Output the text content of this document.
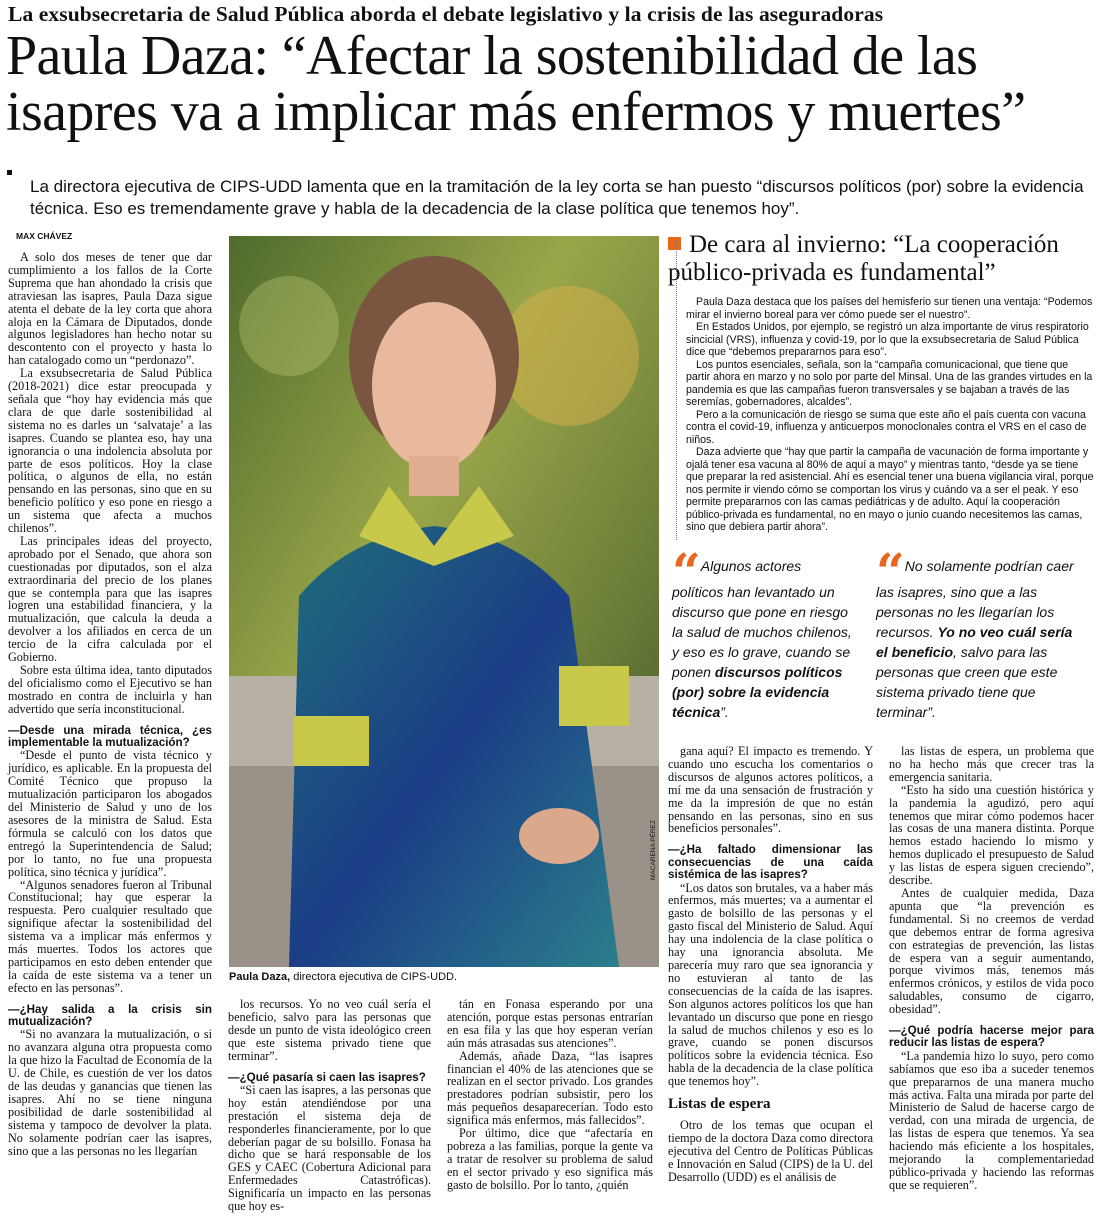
La exsubsecretaria de Salud Pública aborda el debate legislativo y la crisis de las aseguradoras
Paula Daza: “Afectar la sostenibilidad de las isapres va a implicar más enfermos y muertes”
La directora ejecutiva de CIPS-UDD lamenta que en la tramitación de la ley corta se han puesto “discursos políticos (por) sobre la evidencia técnica. Eso es tremendamente grave y habla de la decadencia de la clase política que tenemos hoy”.
MAX CHÁVEZ

A solo dos meses de tener que dar cumplimiento a los fallos de la Corte Suprema que han ahondado la crisis que atraviesan las isapres, Paula Daza sigue atenta el debate de la ley corta que ahora aloja en la Cámara de Diputados, donde algunos legisladores han hecho notar su descontento con el proyecto y hasta lo han catalogado como un “perdonazo”.

La exsubsecretaria de Salud Pública (2018-2021) dice estar preocupada y señala que “hoy hay evidencia más que clara de que darle sostenibilidad al sistema no es darles un ‘salvataje’ a las isapres. Cuando se plantea eso, hay una ignorancia o una indolencia absoluta por parte de esos políticos. Hoy la clase política, o algunos de ella, no están pensando en las personas, sino que en su beneficio político y eso pone en riesgo a un sistema que afecta a muchos chilenos”.

Las principales ideas del proyecto, aprobado por el Senado, que ahora son cuestionadas por diputados, son el alza extraordinaria del precio de los planes que se contempla para que las isapres logren una estabilidad financiera, y la mutualización, que calcula la deuda a devolver a los afiliados en cerca de un tercio de la cifra calculada por el Gobierno.

Sobre esta última idea, tanto diputados del oficialismo como el Ejecutivo se han mostrado en contra de incluirla y han advertido que sería inconstitucional.

—Desde una mirada técnica, ¿es implementable la mutualización?

“Desde el punto de vista técnico y jurídico, es aplicable. En la propuesta del Comité Técnico que propuso la mutualización participaron los abogados del Ministerio de Salud y uno de los asesores de la ministra de Salud. Esta fórmula se calculó con los datos que entregó la Superintendencia de Salud; por lo tanto, no fue una propuesta política, sino técnica y jurídica”.

“Algunos senadores fueron al Tribunal Constitucional; hay que esperar la respuesta. Pero cualquier resultado que signifique afectar la sostenibilidad del sistema va a implicar más enfermos y más muertes. Todos los actores que participamos en esto deben entender que la caída de este sistema va a tener un efecto en las personas”.

—¿Hay salida a la crisis sin mutualización?

“Si no avanzara la mutualización, o si no avanzara alguna otra propuesta como la que hizo la Facultad de Economía de la U. de Chile, es cuestión de ver los datos de las deudas y ganancias que tienen las isapres. Ahí no se tiene ninguna posibilidad de darle sostenibilidad al sistema y tampoco de devolver la plata. No solamente podrían caer las isapres, sino que a las personas no les llegarían

los recursos. Yo no veo cuál sería el beneficio, salvo para las personas que desde un punto de vista ideológico creen que este sistema privado tiene que terminar”.

—¿Qué pasaría si caen las isapres?

“Si caen las isapres, a las personas que hoy están atendiéndose por una prestación el sistema deja de responderles financieramente, por lo que deberían pagar de su bolsillo. Fonasa ha dicho que se hará responsable de los GES y CAEC (Cobertura Adicional para Enfermedades Catastróficas). Significaría un impacto en las personas que hoy es-

tán en Fonasa esperando por una atención, porque estas personas entrarían en esa fila y las que hoy esperan verían aún más atrasadas sus atenciones”.

Además, añade Daza, “las isapres financian el 40% de las atenciones que se realizan en el sector privado. Los grandes prestadores podrían subsistir, pero los más pequeños desaparecerían. Todo esto significa más enfermos, más fallecidos”.

Por último, dice que “afectaría en pobreza a las familias, porque la gente va a tratar de resolver su problema de salud en el sector privado y eso significa más gasto de bolsillo. Por lo tanto, ¿quién

Paula Daza, directora ejecutiva de CIPS-UDD.
MACARENA PÉREZ
De cara al invierno: “La cooperación público-privada es fundamental”

Paula Daza destaca que los países del hemisferio sur tienen una ventaja: “Podemos mirar el invierno boreal para ver cómo puede ser el nuestro”.

En Estados Unidos, por ejemplo, se registró un alza importante de virus respiratorio sincicial (VRS), influenza y covid-19, por lo que la exsubsecretaria de Salud Pública dice que “debemos prepararnos para eso”.

Los puntos esenciales, señala, son la “campaña comunicacional, que tiene que partir ahora en marzo y no solo por parte del Minsal. Una de las grandes virtudes en la pandemia es que las campañas fueron transversales y se bajaban a través de las seremías, gobernadores, alcaldes”.

Pero a la comunicación de riesgo se suma que este año el país cuenta con vacuna contra el covid-19, influenza y anticuerpos monoclonales contra el VRS en el caso de niños.

Daza advierte que “hay que partir la campaña de vacunación de forma importante y ojalá tener esa vacuna al 80% de aquí a mayo” y mientras tanto, “desde ya se tiene que preparar la red asistencial. Ahí es esencial tener una buena vigilancia viral, porque nos permite ir viendo cómo se comportan los virus y cuándo va a ser el peak. Y eso permite prepararnos con las camas pediátricas y de adulto. Aquí la cooperación público-privada es fundamental, no en mayo o junio cuando necesitemos las camas, sino que debiera partir ahora”.

“Algunos actores políticos han levantado un discurso que pone en riesgo la salud de muchos chilenos, y eso es lo grave, cuando se ponen discursos políticos (por) sobre la evidencia técnica”.
“No solamente podrían caer las isapres, sino que a las personas no les llegarían los recursos. Yo no veo cuál sería el beneficio, salvo para las personas que creen que este sistema privado tiene que terminar”.

gana aquí? El impacto es tremendo. Y cuando uno escucha los comentarios o discursos de algunos actores políticos, a mí me da una sensación de frustración y me da la impresión de que no están pensando en las personas, sino en sus beneficios personales”.

—¿Ha faltado dimensionar las consecuencias de una caída sistémica de las isapres?

“Los datos son brutales, va a haber más enfermos, más muertes; va a aumentar el gasto de bolsillo de las personas y el gasto fiscal del Ministerio de Salud. Aquí hay una indolencia de la clase política o hay una ignorancia absoluta. Me parecería muy raro que sea ignorancia y no estuvieran al tanto de las consecuencias de la caída de las isapres. Son algunos actores políticos los que han levantado un discurso que pone en riesgo la salud de muchos chilenos y eso es lo grave, cuando se ponen discursos políticos sobre la evidencia técnica. Eso habla de la decadencia de la clase política que tenemos hoy”.

Listas de espera

Otro de los temas que ocupan el tiempo de la doctora Daza como directora ejecutiva del Centro de Políticas Públicas e Innovación en Salud (CIPS) de la U. del Desarrollo (UDD) es el análisis de

las listas de espera, un problema que no ha hecho más que crecer tras la emergencia sanitaria.

“Esto ha sido una cuestión histórica y la pandemia la agudizó, pero aquí tenemos que mirar cómo podemos hacer las cosas de una manera distinta. Porque hemos estado haciendo lo mismo y hemos duplicado el presupuesto de Salud y las listas de espera siguen creciendo”, describe.

Antes de cualquier medida, Daza apunta que “la prevención es fundamental. Si no creemos de verdad que debemos entrar de forma agresiva con estrategias de prevención, las listas de espera van a seguir aumentando, porque vivimos más, tenemos más enfermos crónicos, y estilos de vida poco saludables, consumo de cigarro, obesidad”.

—¿Qué podría hacerse mejor para reducir las listas de espera?

“La pandemia hizo lo suyo, pero como sabíamos que eso iba a suceder tenemos que prepararnos de una manera mucho más activa. Falta una mirada por parte del Ministerio de Salud de hacerse cargo de verdad, con una mirada de urgencia, de las listas de espera que tenemos. Ya sea haciendo más eficiente a los hospitales, mejorando la complementariedad público-privada y haciendo las reformas que se requieren”.
